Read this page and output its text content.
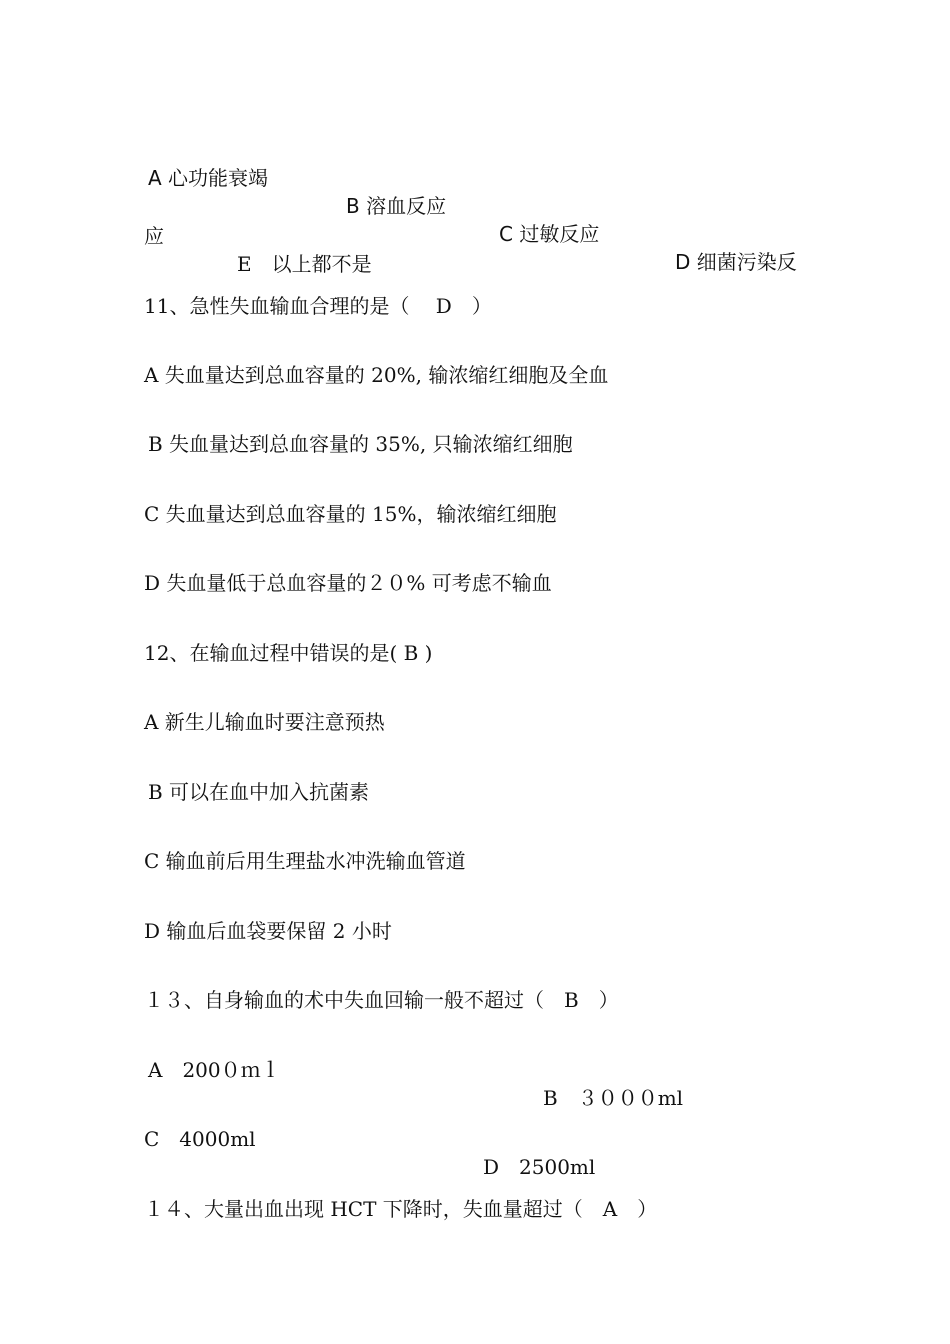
A 心功能衰竭

B 溶血反应

C 过敏反应

D 细菌污染反

应

E　以上都不是

11、急性失血输血合理的是（　 D　）

A 失血量达到总血容量的 20%, 输浓缩红细胞及全血

B 失血量达到总血容量的 35%, 只输浓缩红细胞

C 失血量达到总血容量的 15%，输浓缩红细胞

D 失血量低于总血容量的２０% 可考虑不输血

12、在输血过程中错误的是( B )

A 新生儿输血时要注意预热

B 可以在血中加入抗菌素

C 输血前后用生理盐水冲洗输血管道

D 输血后血袋要保留 2 小时

１３、自身输血的术中失血回输一般不超过（　B　）

A　200０ｍｌ

B　３０００ml

C　4000ml

D　2500ml

１４、大量出血出现 HCT 下降时，失血量超过（　A　）
